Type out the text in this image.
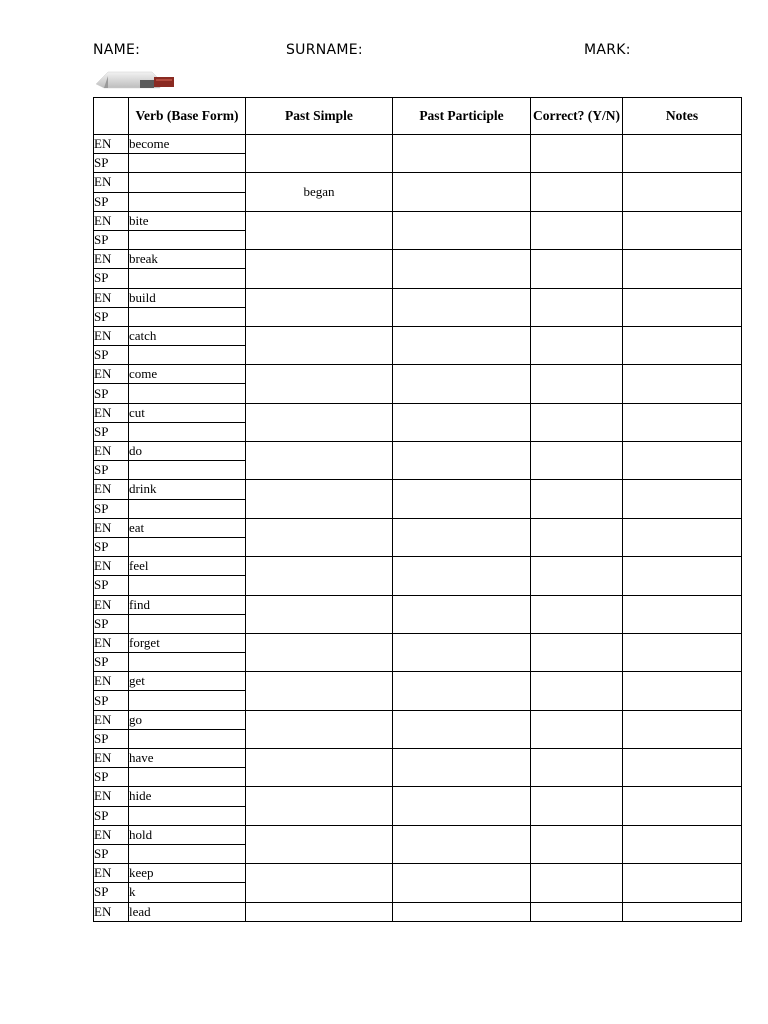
NAME:	SURNAME:	MARK:
	Verb (Base Form)	Past Simple	Past Participle	Correct? (Y/N)	Notes
EN	become				
SP					
EN		began			
SP					
EN	bite				
SP					
EN	break				
SP					
EN	build				
SP					
EN	catch				
SP					
EN	come				
SP					
EN	cut				
SP					
EN	do				
SP					
EN	drink				
SP					
EN	eat				
SP					
EN	feel				
SP					
EN	find				
SP					
EN	forget				
SP					
EN	get				
SP					
EN	go				
SP					
EN	have				
SP					
EN	hide				
SP					
EN	hold				
SP					
EN	keep				
SP	k				
EN	lead				
